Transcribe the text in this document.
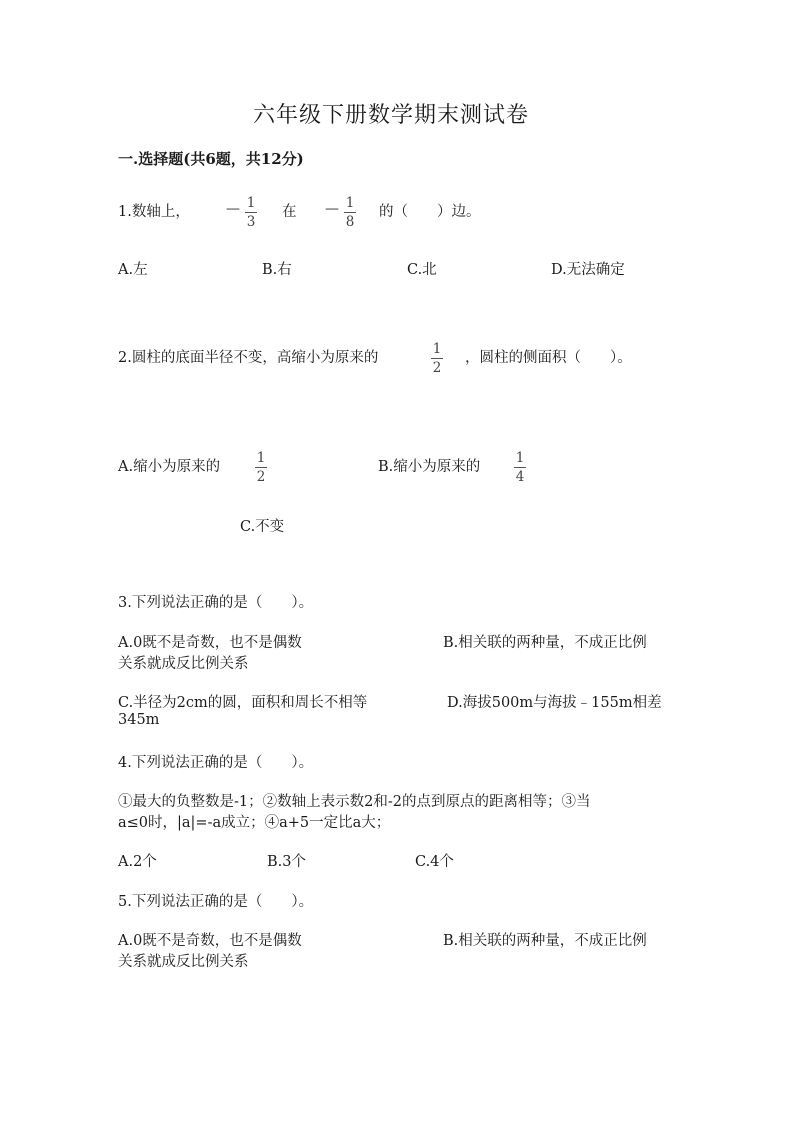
六年级下册数学期末测试卷
一.选择题(共6题，共12分)
1.数轴上，	— 1
3
在 — 1
8
的（　　）边。
A.左	B.右	C.北	D.无法确定
2.圆柱的底面半径不变，高缩小为原来的
1
2
，圆柱的侧面积（　　）。
A.缩小为原来的
1
2
B.缩小为原来的
1
4
C.不变
3.下列说法正确的是（　　）。
A.0既不是奇数，也不是偶数	B.相关联的两种量，不成正比例
关系就成反比例关系
C.半径为2cm的圆，面积和周长不相等	D.海拔500m与海拔﹣155m相差
345m
4.下列说法正确的是（　　）。
①最大的负整数是-1；②数轴上表示数2和-2的点到原点的距离相等；③当
a≤0时，|a|=-a成立；④a+5一定比a大；
A.2个	B.3个	C.4个
5.下列说法正确的是（　　）。
A.0既不是奇数，也不是偶数	B.相关联的两种量，不成正比例
关系就成反比例关系
